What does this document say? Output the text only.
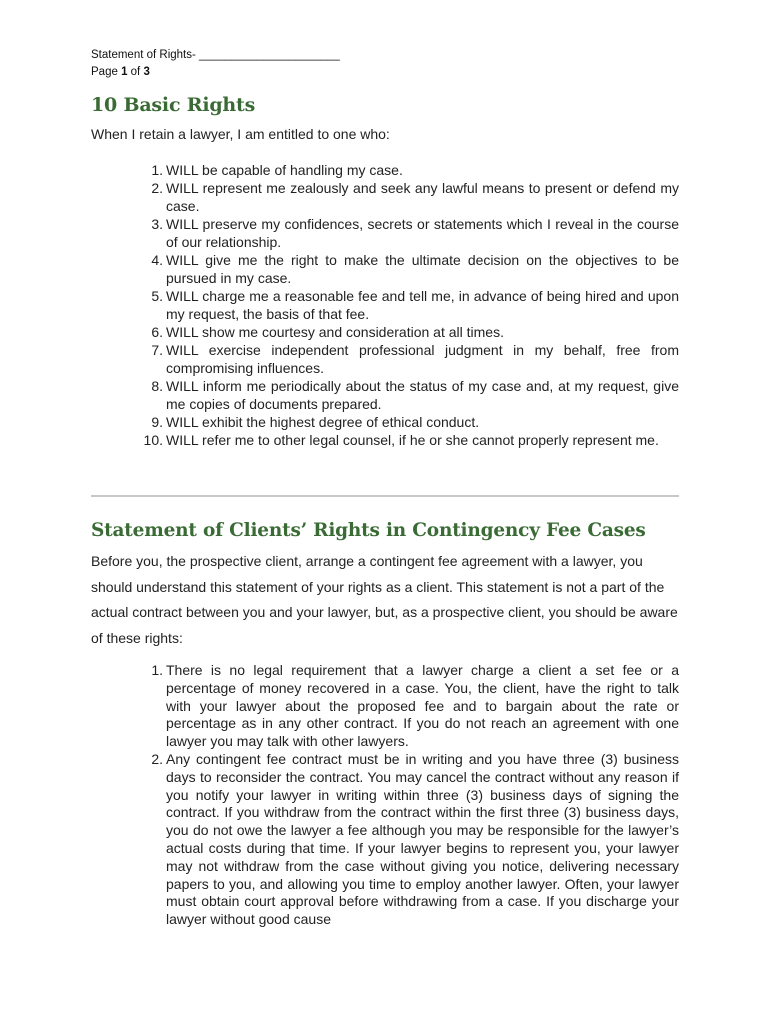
Statement of Rights- ______________________
Page 1 of 3
10 Basic Rights
When I retain a lawyer, I am entitled to one who:
1. WILL be capable of handling my case.
2. WILL represent me zealously and seek any lawful means to present or defend my case.
3. WILL preserve my confidences, secrets or statements which I reveal in the course of our relationship.
4. WILL give me the right to make the ultimate decision on the objectives to be pursued in my case.
5. WILL charge me a reasonable fee and tell me, in advance of being hired and upon my request, the basis of that fee.
6. WILL show me courtesy and consideration at all times.
7. WILL exercise independent professional judgment in my behalf, free from compromising influences.
8. WILL inform me periodically about the status of my case and, at my request, give me copies of documents prepared.
9. WILL exhibit the highest degree of ethical conduct.
10. WILL refer me to other legal counsel, if he or she cannot properly represent me.
Statement of Clients’ Rights in Contingency Fee Cases
Before you, the prospective client, arrange a contingent fee agreement with a lawyer, you should understand this statement of your rights as a client. This statement is not a part of the actual contract between you and your lawyer, but, as a prospective client, you should be aware of these rights:
1. There is no legal requirement that a lawyer charge a client a set fee or a percentage of money recovered in a case. You, the client, have the right to talk with your lawyer about the proposed fee and to bargain about the rate or percentage as in any other contract. If you do not reach an agreement with one lawyer you may talk with other lawyers.
2. Any contingent fee contract must be in writing and you have three (3) business days to reconsider the contract. You may cancel the contract without any reason if you notify your lawyer in writing within three (3) business days of signing the contract. If you withdraw from the contract within the first three (3) business days, you do not owe the lawyer a fee although you may be responsible for the lawyer’s actual costs during that time. If your lawyer begins to represent you, your lawyer may not withdraw from the case without giving you notice, delivering necessary papers to you, and allowing you time to employ another lawyer. Often, your lawyer must obtain court approval before withdrawing from a case. If you discharge your lawyer without good cause
